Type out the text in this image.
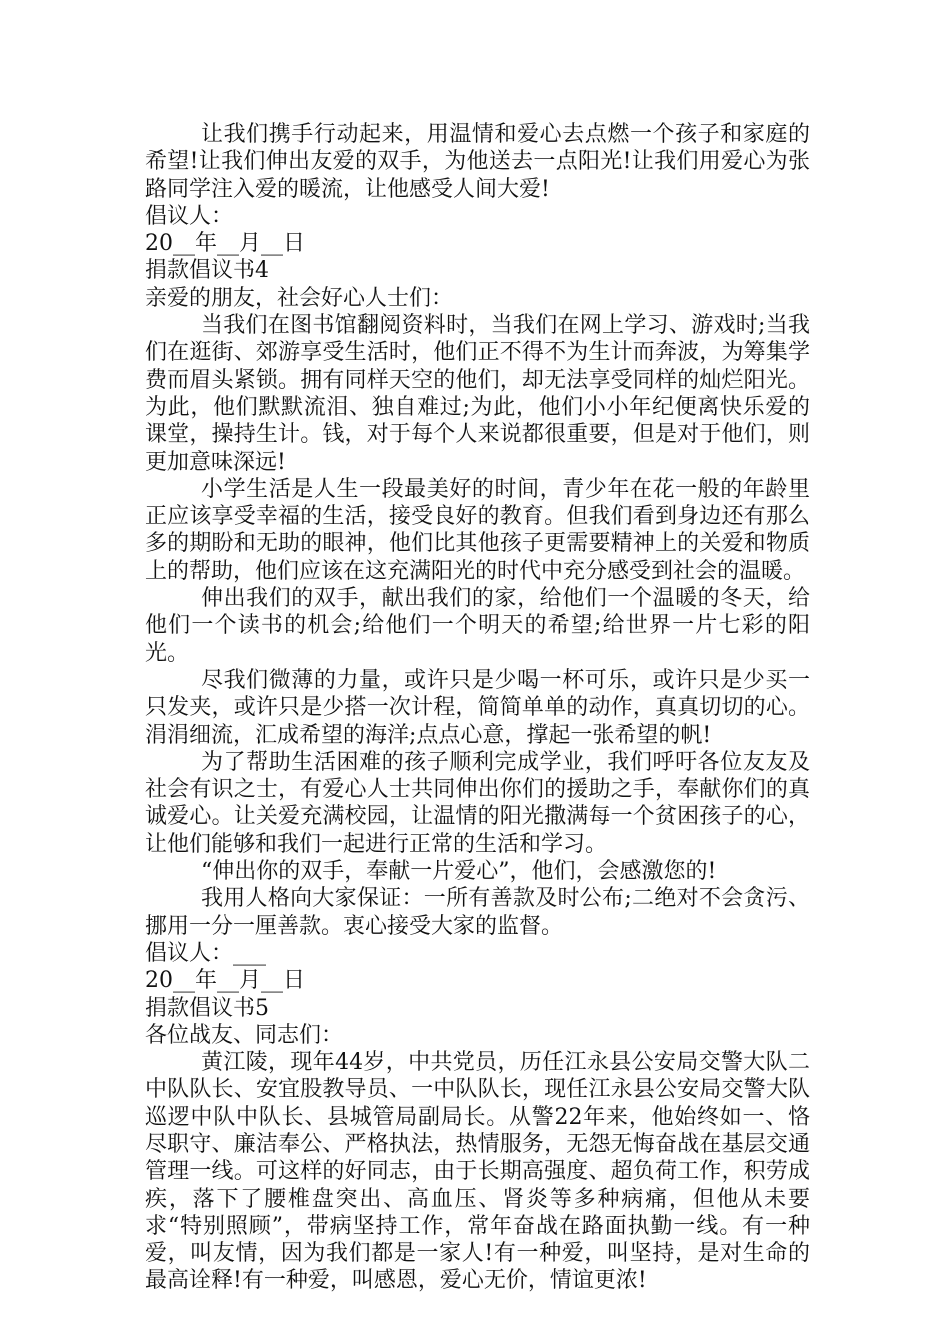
让我们携手行动起来，用温情和爱心去点燃一个孩子和家庭的希望!让我们伸出友爱的双手，为他送去一点阳光!让我们用爱心为张路同学注入爱的暖流，让他感受人间大爱!

倡议人：

20__年__月__日

捐款倡议书4

亲爱的朋友，社会好心人士们：

当我们在图书馆翻阅资料时，当我们在网上学习、游戏时;当我们在逛街、郊游享受生活时，他们正不得不为生计而奔波，为筹集学费而眉头紧锁。拥有同样天空的他们，却无法享受同样的灿烂阳光。为此，他们默默流泪、独自难过;为此，他们小小年纪便离快乐爱的课堂，操持生计。钱，对于每个人来说都很重要，但是对于他们，则更加意味深远!

小学生活是人生一段最美好的时间，青少年在花一般的年龄里正应该享受幸福的生活，接受良好的教育。但我们看到身边还有那么多的期盼和无助的眼神，他们比其他孩子更需要精神上的关爱和物质上的帮助，他们应该在这充满阳光的时代中充分感受到社会的温暖。

伸出我们的双手，献出我们的家，给他们一个温暖的冬天，给他们一个读书的机会;给他们一个明天的希望;给世界一片七彩的阳光。

尽我们微薄的力量，或许只是少喝一杯可乐，或许只是少买一只发夹，或许只是少搭一次计程，简简单单的动作，真真切切的心。涓涓细流，汇成希望的海洋;点点心意，撑起一张希望的帆!

为了帮助生活困难的孩子顺利完成学业，我们呼吁各位友友及社会有识之士，有爱心人士共同伸出你们的援助之手，奉献你们的真诚爱心。让关爱充满校园，让温情的阳光撒满每一个贫困孩子的心，让他们能够和我们一起进行正常的生活和学习。

“伸出你的双手，奉献一片爱心”，他们，会感激您的!

我用人格向大家保证：一所有善款及时公布;二绝对不会贪污、挪用一分一厘善款。衷心接受大家的监督。

倡议人：___

20__年__月__日

捐款倡议书5

各位战友、同志们：

黄江陵，现年44岁，中共党员，历任江永县公安局交警大队二中队队长、安宜股教导员、一中队队长，现任江永县公安局交警大队巡逻中队中队长、县城管局副局长。从警22年来，他始终如一、恪尽职守、廉洁奉公、严格执法，热情服务，无怨无悔奋战在基层交通管理一线。可这样的好同志，由于长期高强度、超负荷工作，积劳成疾，落下了腰椎盘突出、高血压、肾炎等多种病痛，但他从未要求“特别照顾”，带病坚持工作，常年奋战在路面执勤一线。有一种爱，叫友情，因为我们都是一家人!有一种爱，叫坚持，是对生命的最高诠释!有一种爱，叫感恩，爱心无价，情谊更浓!
